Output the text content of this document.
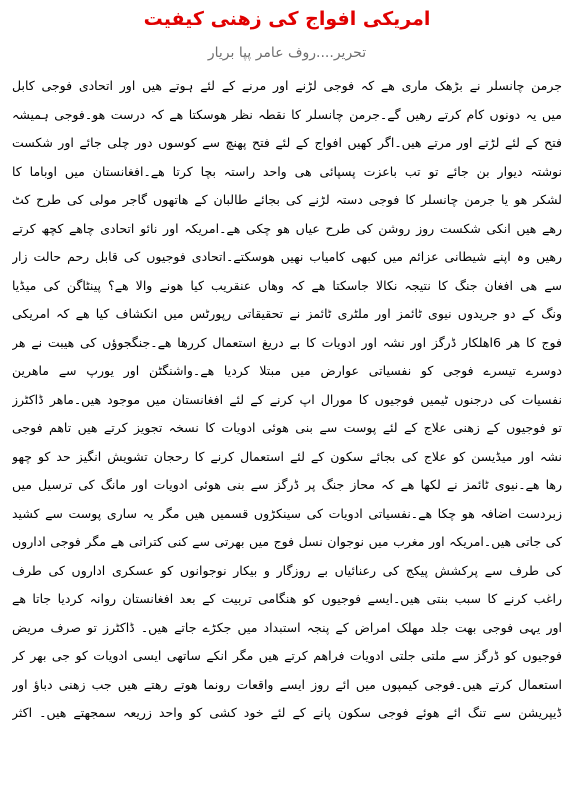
امریکی افواج کی زھنی کیفیت
تحریر....روف عامر پپا بریار
جرمن چانسلر نے بڑھک ماری ھے کہ فوجی لڑنے اور مرنے کے لئے ہوتے ھیں اور اتحادی فوجی کابل
میں یہ دونوں کام کرتے رھیں گے۔جرمن چانسلر کا نقطہ نظر ھوسکتا ھے کہ درست ھو۔فوجی ہمیشہ
فتح کے لئے لڑتے اور مرتے ھیں۔اگر کھیں افواج کے لئے فتح پھنچ سے کوسوں دور چلی جائے اور شکست
نوشتہ دیوار بن جائے تو تب باعزت پسپائی ھی واحد راستہ بچا کرتا ھے۔افغانستان میں اوباما کا
لشکر ھو یا جرمن چانسلر کا فوجی دستہ لڑنے کی بجائے طالبان کے ھاتھوں گاجر مولی کی طرح کٹ
رھے ھیں انکی شکست روز روشن کی طرح عیاں ھو چکی ھے۔امریکہ اور نائو اتحادی چاھے کچھ کرتے
رھیں وہ اپنے شیطانی عزائم میں کبھی کامیاب نھیں ھوسکتے۔اتحادی فوجیوں کی قابل رحم حالت زار
سے ھی افغان جنگ کا نتیجہ نکالا جاسکتا ھے کہ وھاں عنقریب کیا ھونے والا ھے؟ پینٹاگن کی میڈیا
ونگ کے دو جریدوں نیوی ٹائمز اور ملٹری ٹائمز نے تحقیقاتی رپورٹس میں انکشاف کیا ھے کہ امریکی
فوج کا ھر 6اھلکار ڈرگز اور نشہ اور ادویات کا بے دریغ استعمال کررھا ھے۔جنگجوؤں کی ھیبت نے ھر
دوسرے تیسرے فوجی کو نفسیاتی عوارض میں مبتلا کردیا ھے۔واشنگٹن اور یورپ سے ماھرین
نفسیات کی درجنوں ٹیمیں فوجیوں کا مورال اپ کرنے کے لئے افغانستان میں موجود ھیں۔ماھر ڈاکٹرز
تو فوجیوں کے زھنی علاج کے لئے پوست سے بنی ھوئی ادویات کا نسخہ تجویز کرتے ھیں تاھم فوجی
نشہ اور میڈیسن کو علاج کی بجائے سکون کے لئے استعمال کرنے کا رحجان تشویش انگیز حد کو چھو
رھا ھے۔نیوی ٹائمز نے لکھا ھے کہ محاز جنگ پر ڈرگز سے بنی ھوئی ادویات اور مانگ کی ترسیل میں
زبردست اضافہ ھو چکا ھے۔نفسیاتی ادویات کی سینکڑوں قسمیں ھیں مگر یہ ساری پوست سے کشید
کی جاتی ھیں۔امریکہ اور مغرب میں نوجوان نسل فوج میں بھرتی سے کنی کتراتی ھے مگر فوجی اداروں
کی طرف سے پرکشش پیکج کی رعنائیاں بے روزگار و بیکار نوجوانوں کو عسکری اداروں کی طرف
راغب کرنے کا سبب بنتی ھیں۔ایسے فوجیوں کو ھنگامی تربیت کے بعد افغانستان روانہ کردیا جاتا ھے
اور یہی فوجی بھت جلد مھلک امراض کے پنجہ استبداد میں جکڑے جاتے ھیں۔ ڈاکٹرز تو صرف مریض
فوجیوں کو ڈرگز سے ملتی جلتی ادویات فراھم کرتے ھیں مگر انکے ساتھی ایسی ادویات کو جی بھر کر
استعمال کرتے ھیں۔فوجی کیمپوں میں ائے روز ایسے واقعات رونما ھوتے رھتے ھیں جب زھنی دباؤ اور
ڈیپریشن سے تنگ ائے ھوئے فوجی سکون پانے کے لئے خود کشی کو واحد زریعہ سمجھتے ھیں۔ اکثر
